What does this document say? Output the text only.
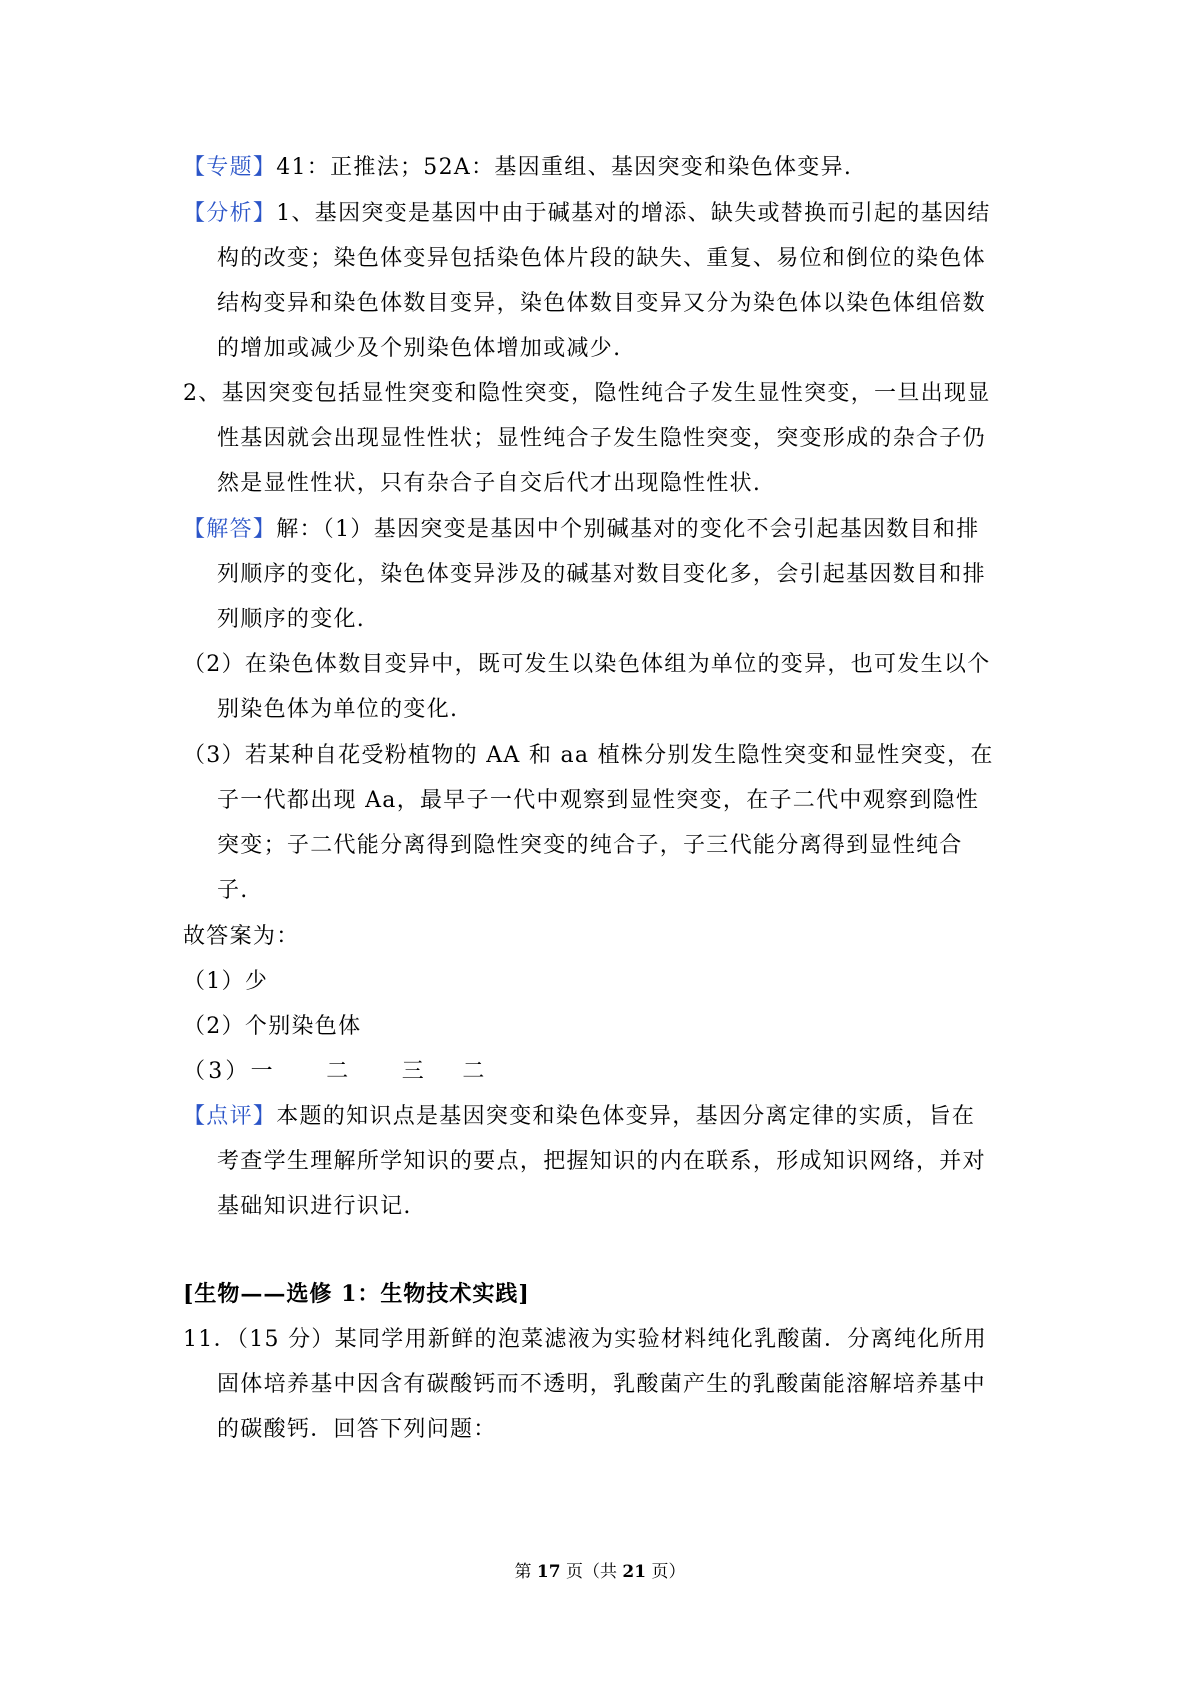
【专题】41：正推法；52A：基因重组、基因突变和染色体变异.
【分析】1、基因突变是基因中由于碱基对的增添、缺失或替换而引起的基因结
构的改变；染色体变异包括染色体片段的缺失、重复、易位和倒位的染色体
结构变异和染色体数目变异，染色体数目变异又分为染色体以染色体组倍数
的增加或减少及个别染色体增加或减少.
2、基因突变包括显性突变和隐性突变，隐性纯合子发生显性突变，一旦出现显
性基因就会出现显性性状；显性纯合子发生隐性突变，突变形成的杂合子仍
然是显性性状，只有杂合子自交后代才出现隐性性状.
【解答】解：（1）基因突变是基因中个别碱基对的变化不会引起基因数目和排
列顺序的变化，染色体变异涉及的碱基对数目变化多，会引起基因数目和排
列顺序的变化.
（2）在染色体数目变异中，既可发生以染色体组为单位的变异，也可发生以个
别染色体为单位的变化.
（3）若某种自花受粉植物的 AA 和 aa 植株分别发生隐性突变和显性突变，在
子一代都出现 Aa，最早子一代中观察到显性突变，在子二代中观察到隐性
突变；子二代能分离得到隐性突变的纯合子，子三代能分离得到显性纯合
子.
故答案为：
（1）少
（2）个别染色体
（3）一　　二　　三　 二
【点评】本题的知识点是基因突变和染色体变异，基因分离定律的实质，旨在
考查学生理解所学知识的要点，把握知识的内在联系，形成知识网络，并对
基础知识进行识记.
[生物——选修 1：生物技术实践]
11．（15 分）某同学用新鲜的泡菜滤液为实验材料纯化乳酸菌．分离纯化所用
固体培养基中因含有碳酸钙而不透明，乳酸菌产生的乳酸菌能溶解培养基中
的碳酸钙．回答下列问题：
第 17 页（共 21 页）
